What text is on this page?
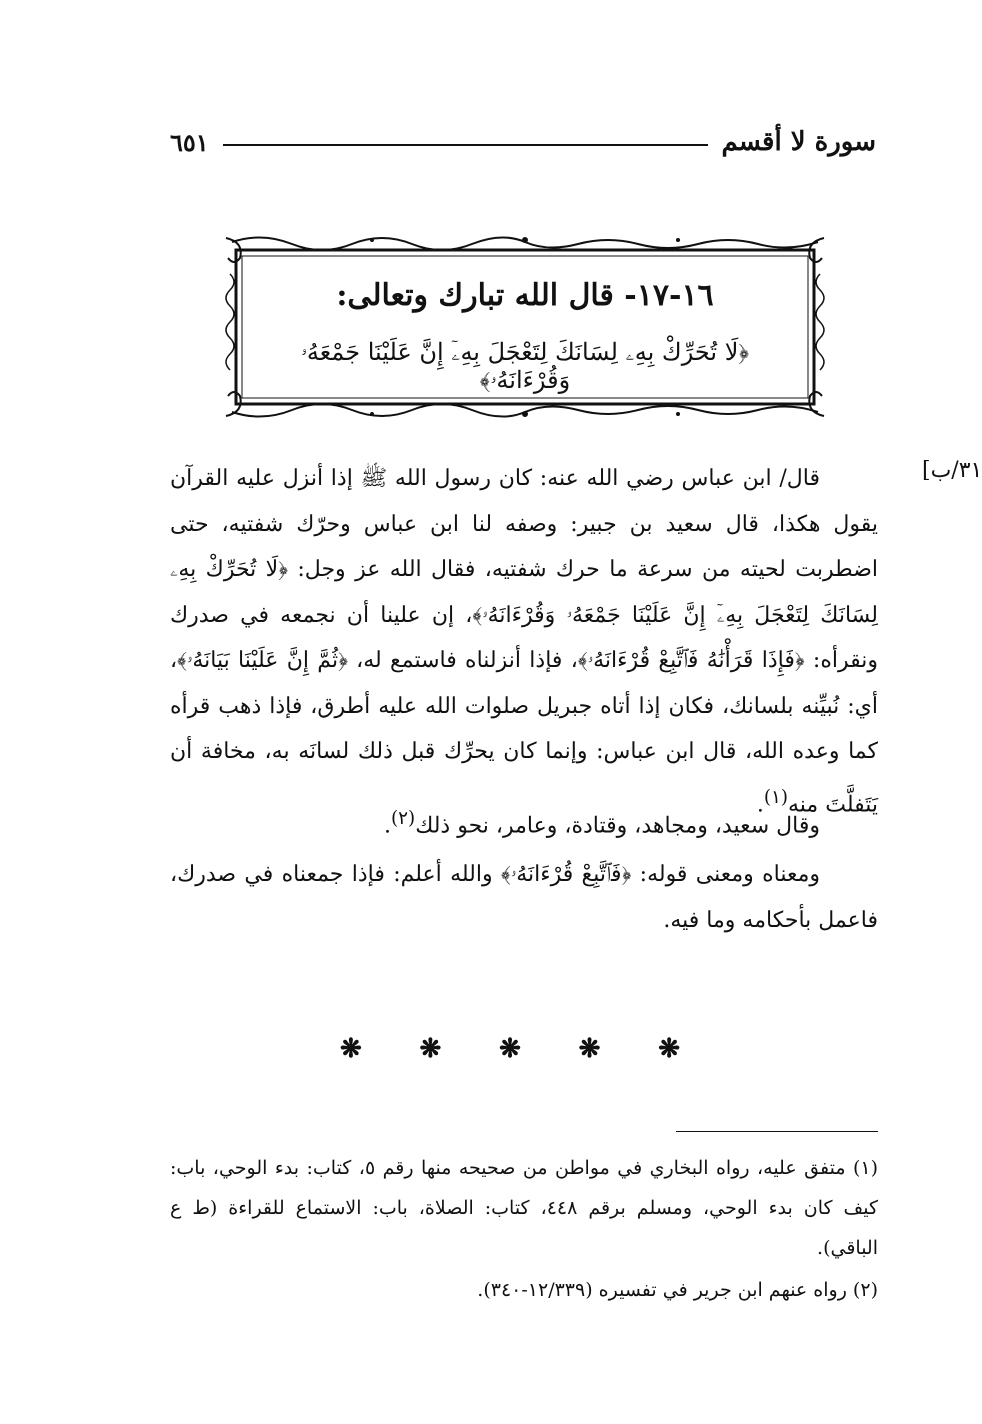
سورة لا أقسم
٦٥١
١٦-١٧- قال الله تبارك وتعالى:
﴿لَا تُحَرِّكْ بِهِۦ لِسَانَكَ لِتَعْجَلَ بِهِۦٓ إِنَّ عَلَيْنَا جَمْعَهُۥ وَقُرْءَانَهُۥ﴾
٣١/ب]
قال/ ابن عباس رضي الله عنه: كان رسول الله ﷺ إذا أنزل عليه القرآن يقول هكذا، قال سعيد بن جبير: وصفه لنا ابن عباس وحرّك شفتيه، حتى اضطربت لحيته من سرعة ما حرك شفتيه، فقال الله عز وجل: ﴿لَا تُحَرِّكْ بِهِۦ لِسَانَكَ لِتَعْجَلَ بِهِۦٓ إِنَّ عَلَيْنَا جَمْعَهُۥ وَقُرْءَانَهُۥ﴾، إن علينا أن نجمعه في صدرك ونقرأه: ﴿فَإِذَا قَرَأْنَٰهُ فَٱتَّبِعْ قُرْءَانَهُۥ﴾، فإذا أنزلناه فاستمع له، ﴿ثُمَّ إِنَّ عَلَيْنَا بَيَانَهُۥ﴾، أي: نُبيِّنه بلسانك، فكان إذا أتاه جبريل صلوات الله عليه أطرق، فإذا ذهب قرأه كما وعده الله، قال ابن عباس: وإنما كان يحرِّك قبل ذلك لسانَه به، مخافة أن يَتَفلَّتَ منه$^{(١)}$.
وقال سعيد، ومجاهد، وقتادة، وعامر، نحو ذلك$^{(٢)}$.
ومعناه ومعنى قوله: ﴿فَٱتَّبِعْ قُرْءَانَهُۥ﴾ والله أعلم: فإذا جمعناه في صدرك، فاعمل بأحكامه وما فيه.
❋ ❋ ❋ ❋ ❋
(١) متفق عليه، رواه البخاري في مواطن من صحيحه منها رقم ٥، كتاب: بدء الوحي، باب: كيف كان بدء الوحي، ومسلم برقم ٤٤٨، كتاب: الصلاة، باب: الاستماع للقراءة (ط ع الباقي).
(٢) رواه عنهم ابن جرير في تفسيره (١٢/٣٣٩-٣٤٠).
